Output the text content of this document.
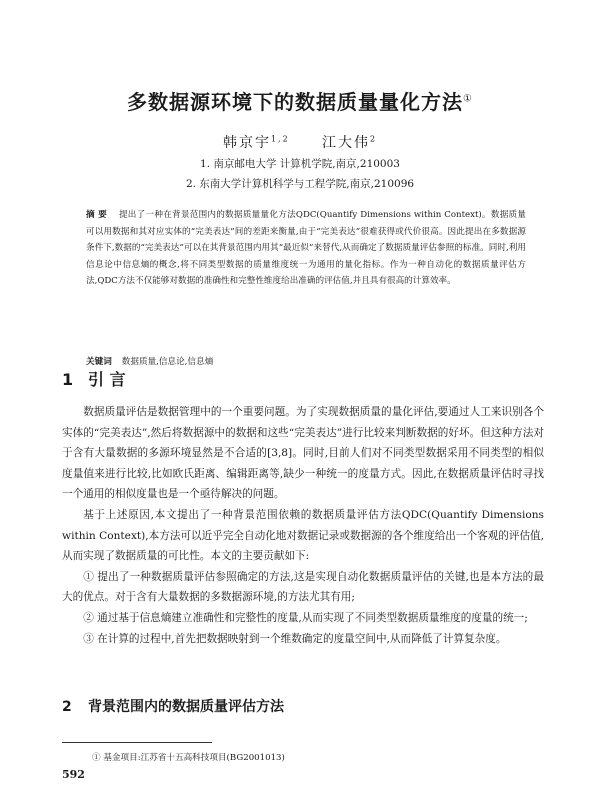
多数据源环境下的数据质量量化方法①
韩京宇$^{1,2}$ 江大伟$^2$
1. 南京邮电大学 计算机学院,南京,210003
2. 东南大学计算机科学与工程学院,南京,210096
摘 要 提出了一种在背景范围内的数据质量量化方法QDC(Quantify Dimensions within Context)。数据质量可以用数据和其对应实体的“完美表达”间的差距来衡量,由于“完美表达”很难获得或代价很高。因此提出在多数据源条件下,数据的“完美表达”可以在其背景范围内用其“最近似”来替代,从而确定了数据质量评估参照的标准。同时,利用信息论中信息熵的概念,将不同类型数据的质量维度统一为通用的量化指标。作为一种自动化的数据质量评估方法,QDC方法不仅能够对数据的准确性和完整性维度给出准确的评估值,并且具有很高的计算效率。
关键词 数据质量,信息论,信息熵
1 引 言

数据质量评估是数据管理中的一个重要问题。为了实现数据质量的量化评估,要通过人工来识别各个实体的“完美表达”,然后将数据源中的数据和这些“完美表达”进行比较来判断数据的好坏。但这种方法对于含有大量数据的多源环境显然是不合适的[3,8]。同时,目前人们对不同类型数据采用不同类型的相似度量值来进行比较,比如欧氏距离、编辑距离等,缺少一种统一的度量方式。因此,在数据质量评估时寻找一个通用的相似度量也是一个亟待解决的问题。

基于上述原因,本文提出了一种背景范围依赖的数据质量评估方法QDC(Quantify Dimensions within Context),本方法可以近乎完全自动化地对数据记录或数据源的各个维度给出一个客观的评估值,从而实现了数据质量的可比性。本文的主要贡献如下:

① 提出了一种数据质量评估参照确定的方法,这是实现自动化数据质量评估的关键,也是本方法的最大的优点。对于含有大量数据的多数据源环境,的方法尤其有用;

② 通过基于信息熵建立准确性和完整性的度量,从而实现了不同类型数据质量维度的度量的统一;

③ 在计算的过程中,首先把数据映射到一个维数确定的度量空间中,从而降低了计算复杂度。

2 背景范围内的数据质量评估方法
① 基金项目:江苏省十五高科技项目(BG2001013)
592
